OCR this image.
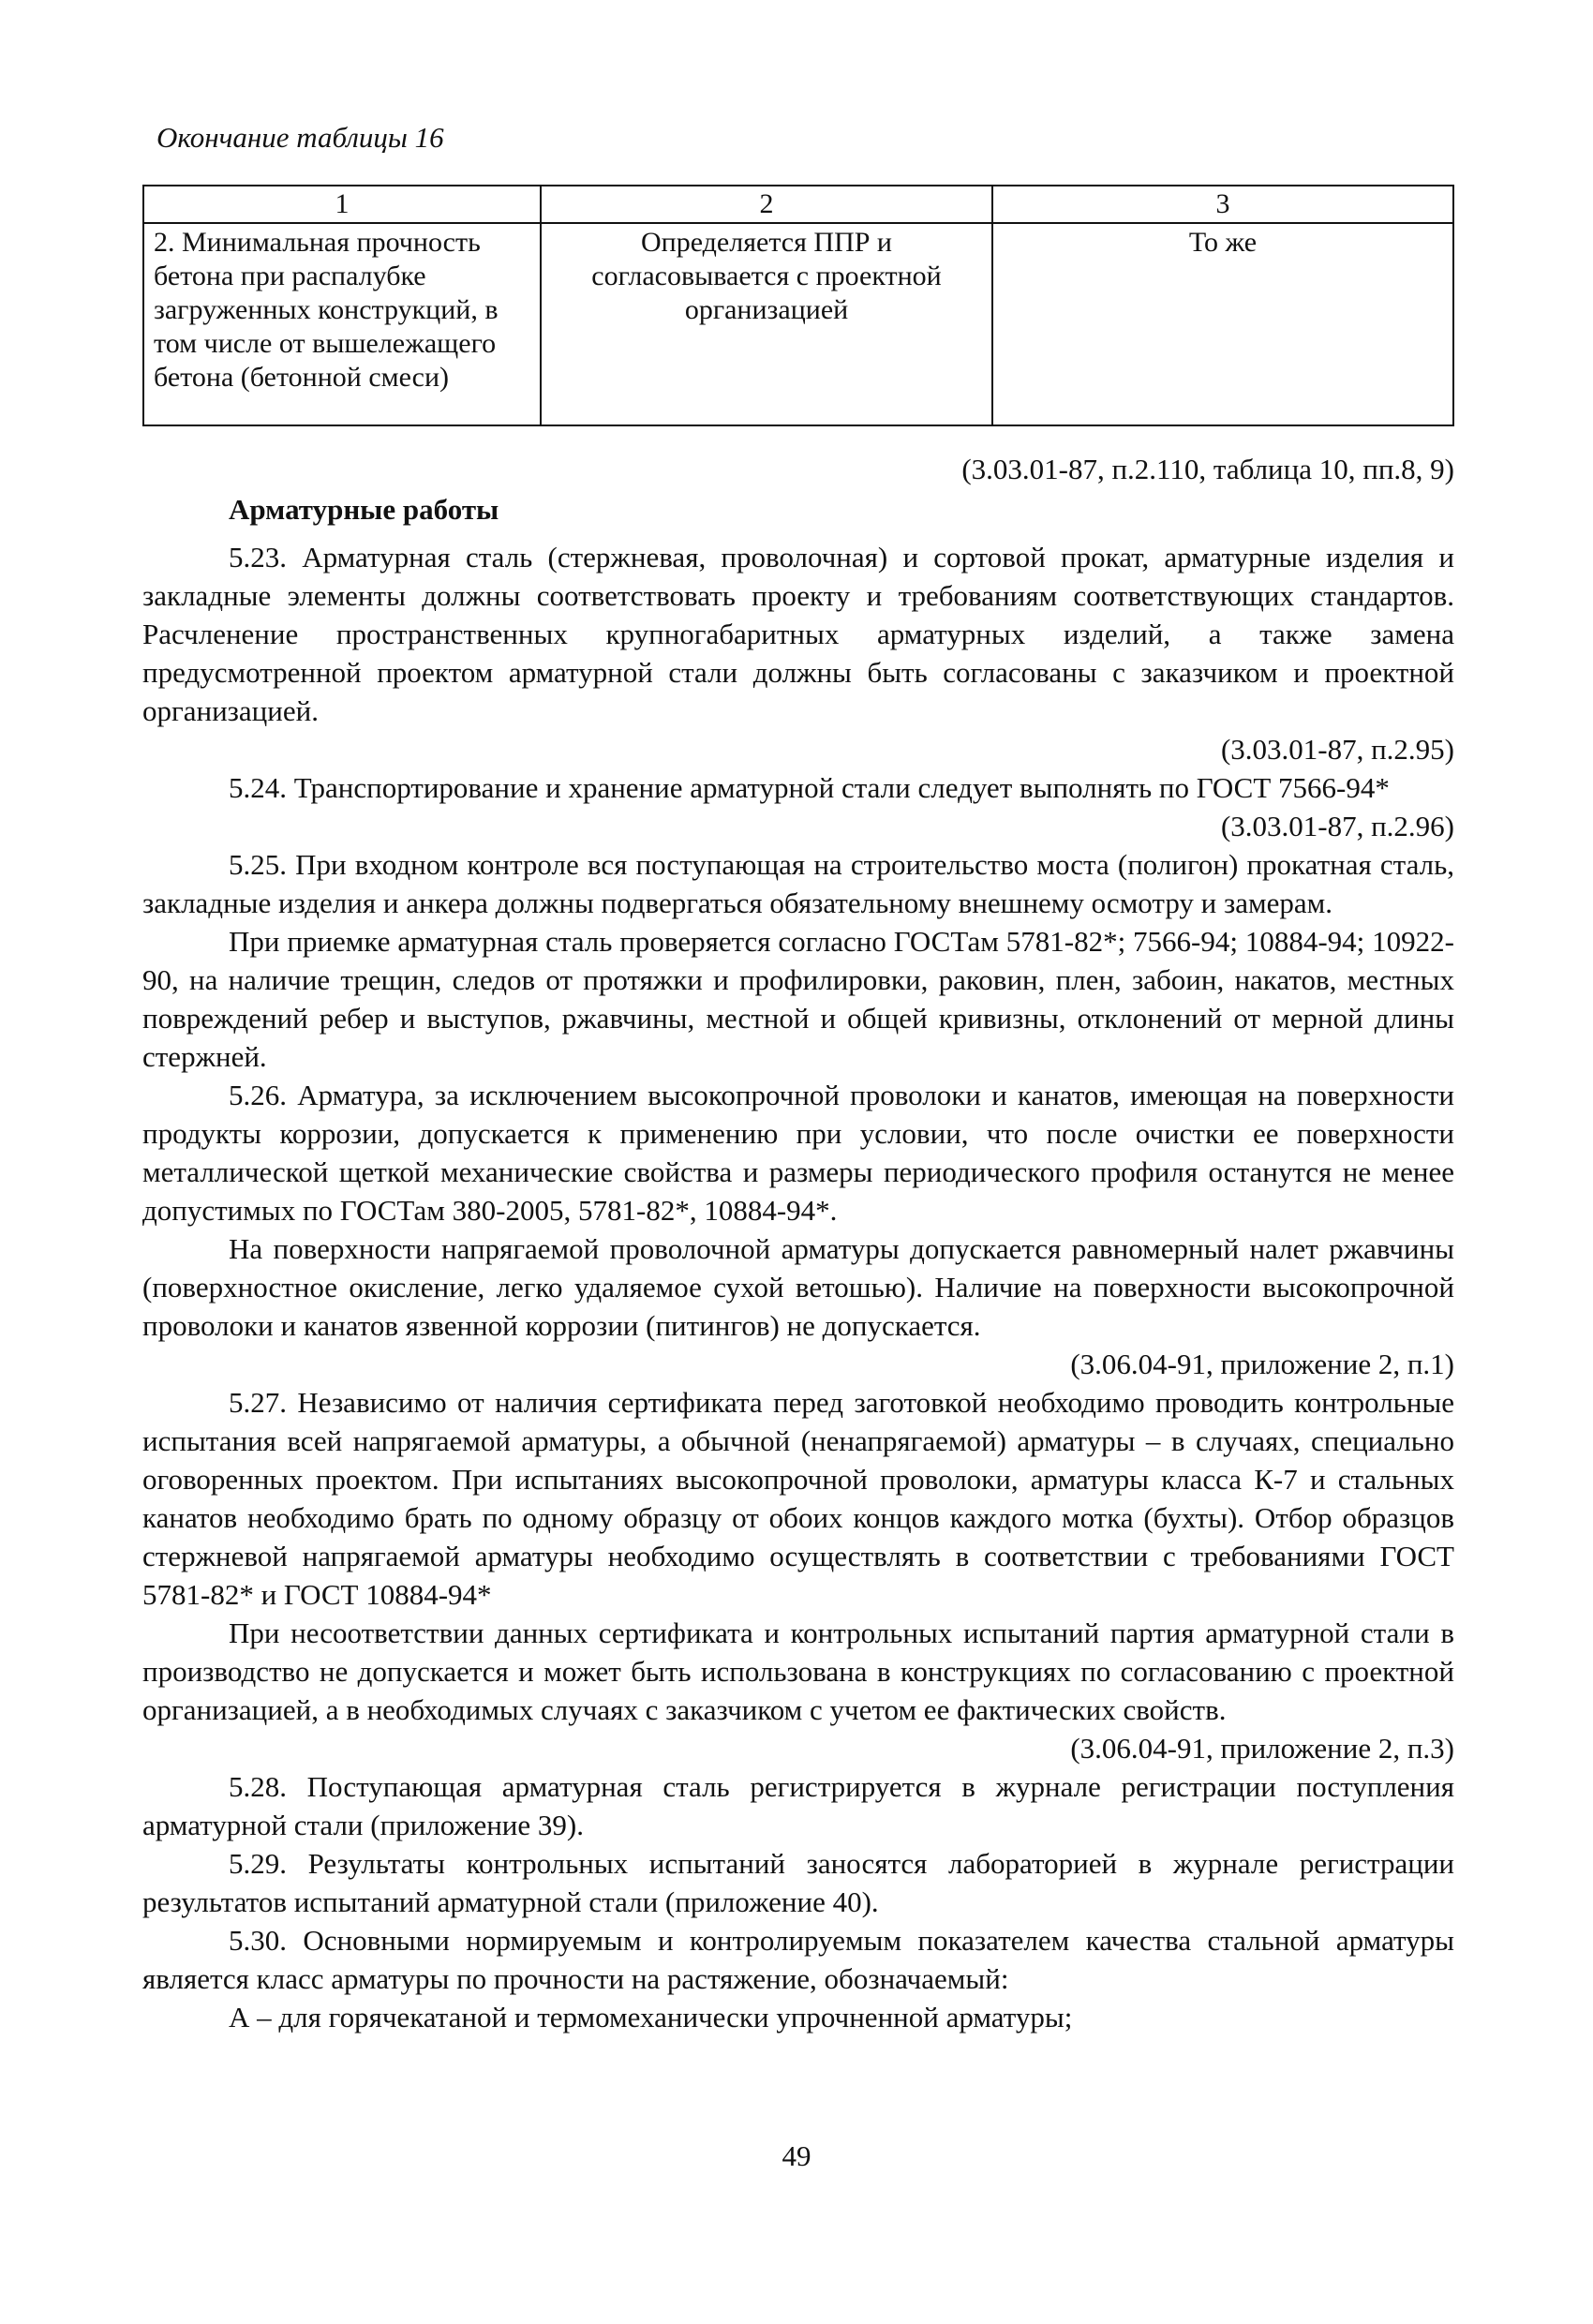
Окончание таблицы 16
1	2	3
2. Минимальная прочность бетона при распалубке загруженных конструкций, в том числе от вышележащего бетона (бетонной смеси)	Определяется ППР и согласовывается с проектной организацией	То же

(3.03.01-87, п.2.110, таблица 10, пп.8, 9)

Арматурные работы

5.23. Арматурная сталь (стержневая, проволочная) и сортовой прокат, арматурные изделия и закладные элементы должны соответствовать проекту и требованиям соответствующих стандартов. Расчленение пространственных крупногабаритных арматурных изделий, а также замена предусмотренной проектом арматурной стали должны быть согласованы с заказчиком и проектной организацией.

(3.03.01-87, п.2.95)

5.24. Транспортирование и хранение арматурной стали следует выполнять по ГОСТ 7566-94*

(3.03.01-87, п.2.96)

5.25. При входном контроле вся поступающая на строительство моста (полигон) прокатная сталь, закладные изделия и анкера должны подвергаться обязательному внешнему осмотру и замерам.

При приемке арматурная сталь проверяется согласно ГОСТам 5781-82*; 7566-94; 10884-94; 10922-90, на наличие трещин, следов от протяжки и профилировки, раковин, плен, забоин, накатов, местных повреждений ребер и выступов, ржавчины, местной и общей кривизны, отклонений от мерной длины стержней.

5.26. Арматура, за исключением высокопрочной проволоки и канатов, имеющая на поверхности продукты коррозии, допускается к применению при условии, что после очистки ее поверхности металлической щеткой механические свойства и размеры периодического профиля останутся не менее допустимых по ГОСТам 380-2005, 5781-82*, 10884-94*.

На поверхности напрягаемой проволочной арматуры допускается равномерный налет ржавчины (поверхностное окисление, легко удаляемое сухой ветошью). Наличие на поверхности высокопрочной проволоки и канатов язвенной коррозии (питингов) не допускается.

(3.06.04-91, приложение 2, п.1)

5.27. Независимо от наличия сертификата перед заготовкой необходимо проводить контрольные испытания всей напрягаемой арматуры, а обычной (ненапрягаемой) арматуры – в случаях, специально оговоренных проектом. При испытаниях высокопрочной проволоки, арматуры класса К-7 и стальных канатов необходимо брать по одному образцу от обоих концов каждого мотка (бухты). Отбор образцов стержневой напрягаемой арматуры необходимо осуществлять в соответствии с требованиями ГОСТ 5781-82* и ГОСТ 10884-94*

При несоответствии данных сертификата и контрольных испытаний партия арматурной стали в производство не допускается и может быть использована в конструкциях по согласованию с проектной организацией, а в необходимых случаях с заказчиком с учетом ее фактических свойств.

(3.06.04-91, приложение 2, п.3)

5.28. Поступающая арматурная сталь регистрируется в журнале регистрации поступления арматурной стали (приложение 39).

5.29. Результаты контрольных испытаний заносятся лабораторией в журнале регистрации результатов испытаний арматурной стали (приложение 40).

5.30. Основными нормируемым и контролируемым показателем качества стальной арматуры является класс арматуры по прочности на растяжение, обозначаемый:

А – для горячекатаной и термомеханически упрочненной арматуры;

49
